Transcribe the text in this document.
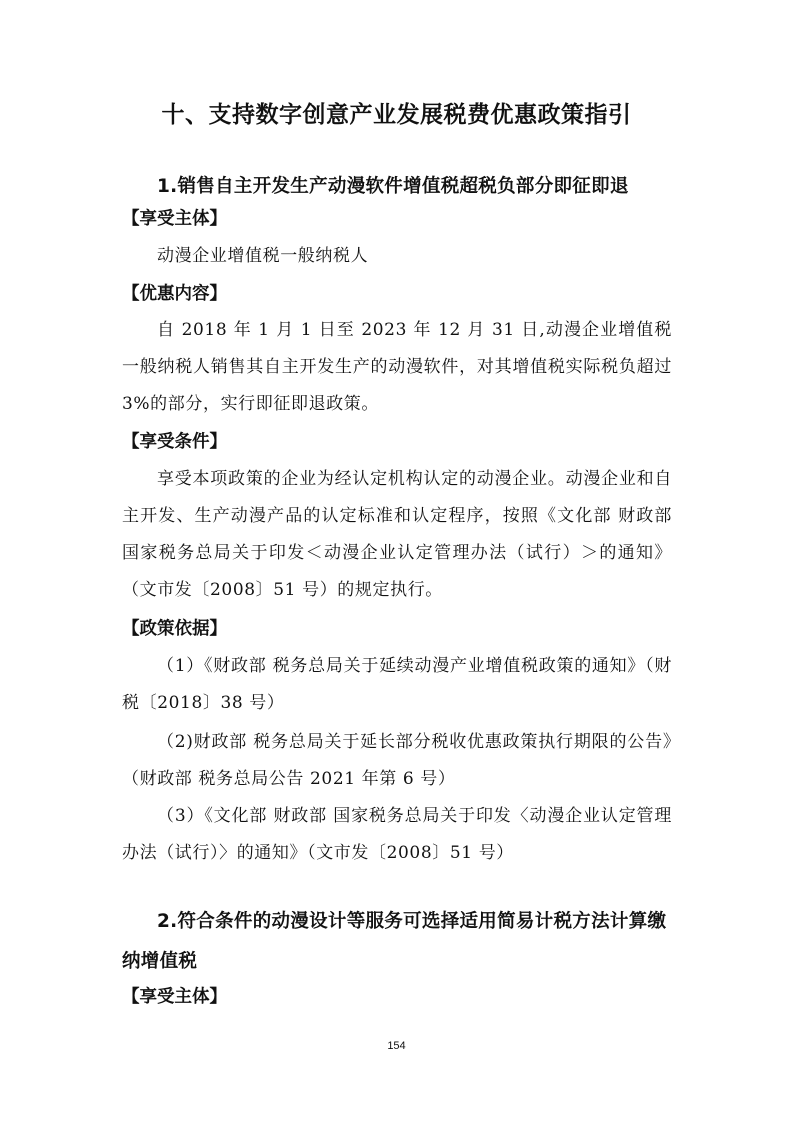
十、支持数字创意产业发展税费优惠政策指引
1.销售自主开发生产动漫软件增值税超税负部分即征即退
【享受主体】
动漫企业增值税一般纳税人
【优惠内容】
自 2018 年 1 月 1 日至 2023 年 12 月 31 日,动漫企业增值税一般纳税人销售其自主开发生产的动漫软件，对其增值税实际税负超过3%的部分，实行即征即退政策。
【享受条件】
享受本项政策的企业为经认定机构认定的动漫企业。动漫企业和自主开发、生产动漫产品的认定标准和认定程序，按照《文化部 财政部 国家税务总局关于印发＜动漫企业认定管理办法（试行）＞的通知》（文市发〔2008〕51 号）的规定执行。
【政策依据】
（1）《财政部 税务总局关于延续动漫产业增值税政策的通知》（财税〔2018〕38 号）
（2)财政部 税务总局关于延长部分税收优惠政策执行期限的公告》（财政部 税务总局公告 2021 年第 6 号）
（3）《文化部 财政部 国家税务总局关于印发〈动漫企业认定管理办法（试行）〉的通知》（文市发〔2008〕51 号）
2.符合条件的动漫设计等服务可选择适用简易计税方法计算缴纳增值税
【享受主体】
154
